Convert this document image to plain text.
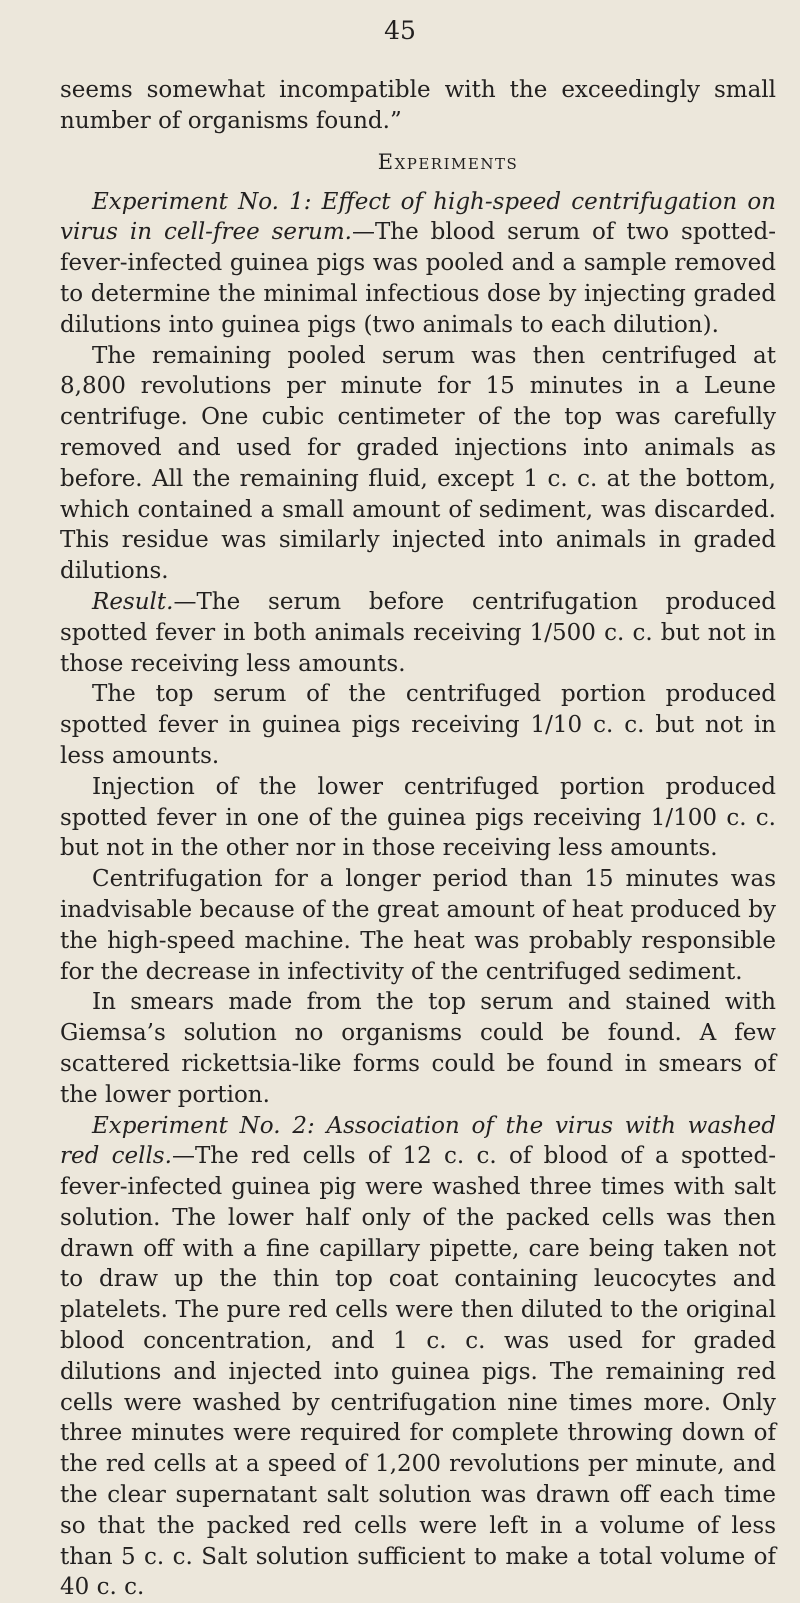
45

seems somewhat incompatible with the exceedingly small number of organisms found.”

Experiments

Experiment No. 1: Effect of high-speed centrifugation on virus in cell-free serum.—The blood serum of two spotted-fever-infected guinea pigs was pooled and a sample removed to determine the minimal infectious dose by injecting graded dilutions into guinea pigs (two animals to each dilution).

The remaining pooled serum was then centrifuged at 8,800 revolutions per minute for 15 minutes in a Leune centrifuge. One cubic centimeter of the top was carefully removed and used for graded injections into animals as before. All the remaining fluid, except 1 c. c. at the bottom, which contained a small amount of sediment, was discarded. This residue was similarly injected into animals in graded dilutions.

Result.—The serum before centrifugation produced spotted fever in both animals receiving 1/500 c. c. but not in those receiving less amounts.

The top serum of the centrifuged portion produced spotted fever in guinea pigs receiving 1/10 c. c. but not in less amounts.

Injection of the lower centrifuged portion produced spotted fever in one of the guinea pigs receiving 1/100 c. c. but not in the other nor in those receiving less amounts.

Centrifugation for a longer period than 15 minutes was inadvisable because of the great amount of heat produced by the high-speed machine. The heat was probably responsible for the decrease in infectivity of the centrifuged sediment.

In smears made from the top serum and stained with Giemsa’s solution no organisms could be found. A few scattered rickettsia-like forms could be found in smears of the lower portion.

Experiment No. 2: Association of the virus with washed red cells.—The red cells of 12 c. c. of blood of a spotted-fever-infected guinea pig were washed three times with salt solution. The lower half only of the packed cells was then drawn off with a fine capillary pipette, care being taken not to draw up the thin top coat containing leucocytes and platelets. The pure red cells were then diluted to the original blood concentration, and 1 c. c. was used for graded dilutions and injected into guinea pigs. The remaining red cells were washed by centrifugation nine times more. Only three minutes were required for complete throwing down of the red cells at a speed of 1,200 revolutions per minute, and the clear supernatant salt solution was drawn off each time so that the packed red cells were left in a volume of less than 5 c. c. Salt solution sufficient to make a total volume of 40 c. c.
